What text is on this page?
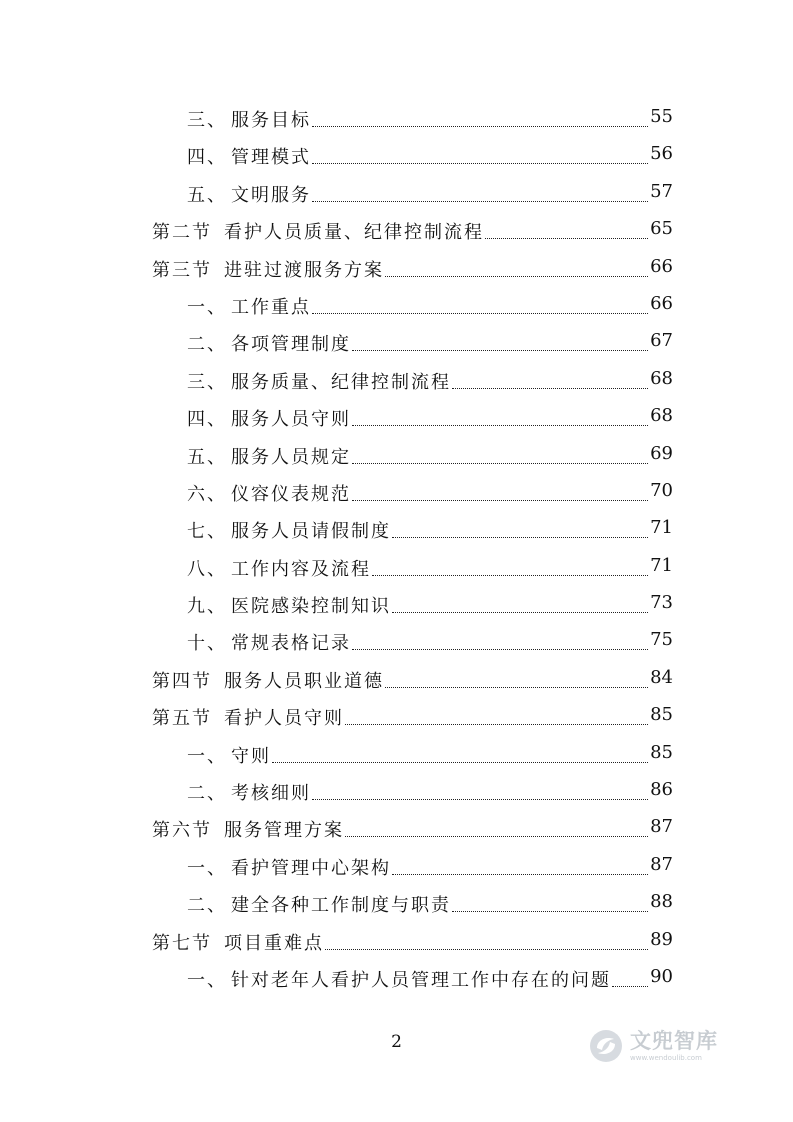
三、 服务目标	55
四、 管理模式	56
五、 文明服务	57
第二节 看护人员质量、纪律控制流程	65
第三节 进驻过渡服务方案	66
一、 工作重点	66
二、 各项管理制度	67
三、 服务质量、纪律控制流程	68
四、 服务人员守则	68
五、 服务人员规定	69
六、 仪容仪表规范	70
七、 服务人员请假制度	71
八、 工作内容及流程	71
九、 医院感染控制知识	73
十、 常规表格记录	75
第四节 服务人员职业道德	84
第五节 看护人员守则	85
一、 守则	85
二、 考核细则	86
第六节 服务管理方案	87
一、 看护管理中心架构	87
二、 建全各种工作制度与职责	88
第七节 项目重难点	89
一、 针对老年人看护人员管理工作中存在的问题 90
2	文兜智库
www.wendoulib.com
